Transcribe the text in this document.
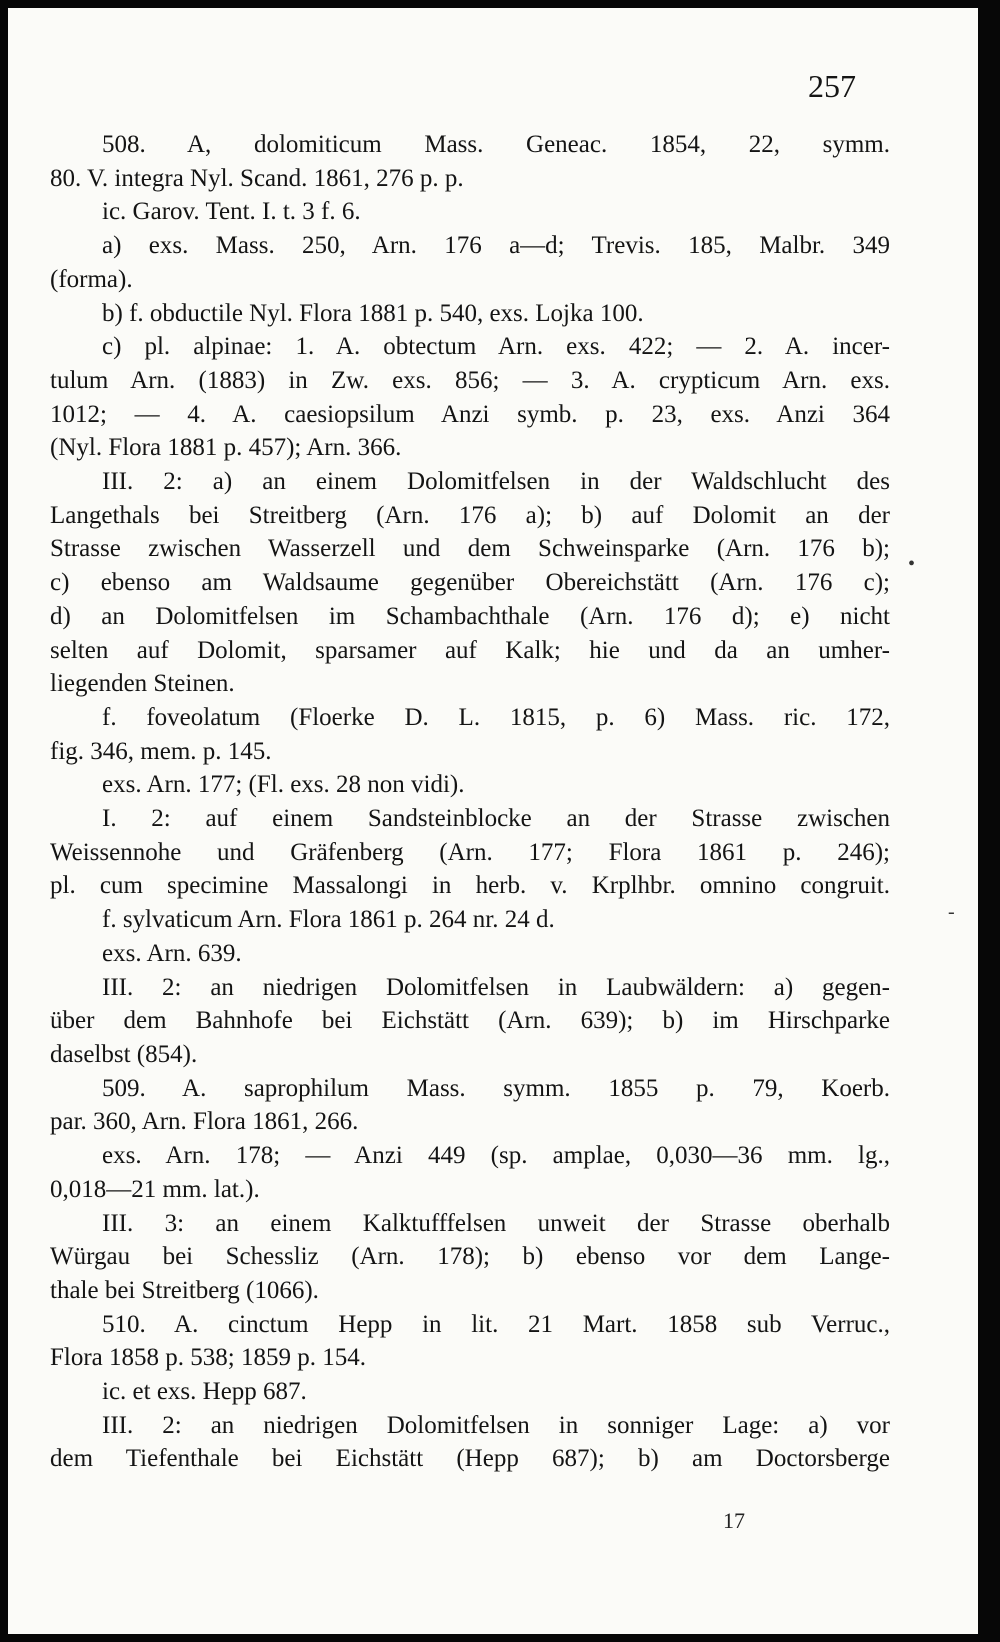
257
508. A, dolomiticum Mass. Geneac. 1854, 22, symm.
80. V. integra Nyl. Scand. 1861, 276 p. p.
ic. Garov. Tent. I. t. 3 f. 6.
a) exs. Mass. 250, Arn. 176 a—d; Trevis. 185, Malbr. 349
(forma).
b) f. obductile Nyl. Flora 1881 p. 540, exs. Lojka 100.
c) pl. alpinae: 1. A. obtectum Arn. exs. 422; — 2. A. incer-
tulum Arn. (1883) in Zw. exs. 856; — 3. A. crypticum Arn. exs.
1012; — 4. A. caesiopsilum Anzi symb. p. 23, exs. Anzi 364
(Nyl. Flora 1881 p. 457); Arn. 366.
III. 2: a) an einem Dolomitfelsen in der Waldschlucht des
Langethals bei Streitberg (Arn. 176 a); b) auf Dolomit an der
Strasse zwischen Wasserzell und dem Schweinsparke (Arn. 176 b);
c) ebenso am Waldsaume gegenüber Obereichstätt (Arn. 176 c);
d) an Dolomitfelsen im Schambachthale (Arn. 176 d); e) nicht
selten auf Dolomit, sparsamer auf Kalk; hie und da an umher-
liegenden Steinen.
f. foveolatum (Floerke D. L. 1815, p. 6) Mass. ric. 172,
fig. 346, mem. p. 145.
exs. Arn. 177; (Fl. exs. 28 non vidi).
I. 2: auf einem Sandsteinblocke an der Strasse zwischen
Weissennohe und Gräfenberg (Arn. 177; Flora 1861 p. 246);
pl. cum specimine Massalongi in herb. v. Krplhbr. omnino congruit.
f. sylvaticum Arn. Flora 1861 p. 264 nr. 24 d.
exs. Arn. 639.
III. 2: an niedrigen Dolomitfelsen in Laubwäldern: a) gegen-
über dem Bahnhofe bei Eichstätt (Arn. 639); b) im Hirschparke
daselbst (854).
509. A. saprophilum Mass. symm. 1855 p. 79, Koerb.
par. 360, Arn. Flora 1861, 266.
exs. Arn. 178; — Anzi 449 (sp. amplae, 0,030—36 mm. lg.,
0,018—21 mm. lat.).
III. 3: an einem Kalktufffelsen unweit der Strasse oberhalb
Würgau bei Schessliz (Arn. 178); b) ebenso vor dem Lange-
thale bei Streitberg (1066).
510. A. cinctum Hepp in lit. 21 Mart. 1858 sub Verruc.,
Flora 1858 p. 538; 1859 p. 154.
ic. et exs. Hepp 687.
III. 2: an niedrigen Dolomitfelsen in sonniger Lage: a) vor
dem Tiefenthale bei Eichstätt (Hepp 687); b) am Doctorsberge
•
-
17
